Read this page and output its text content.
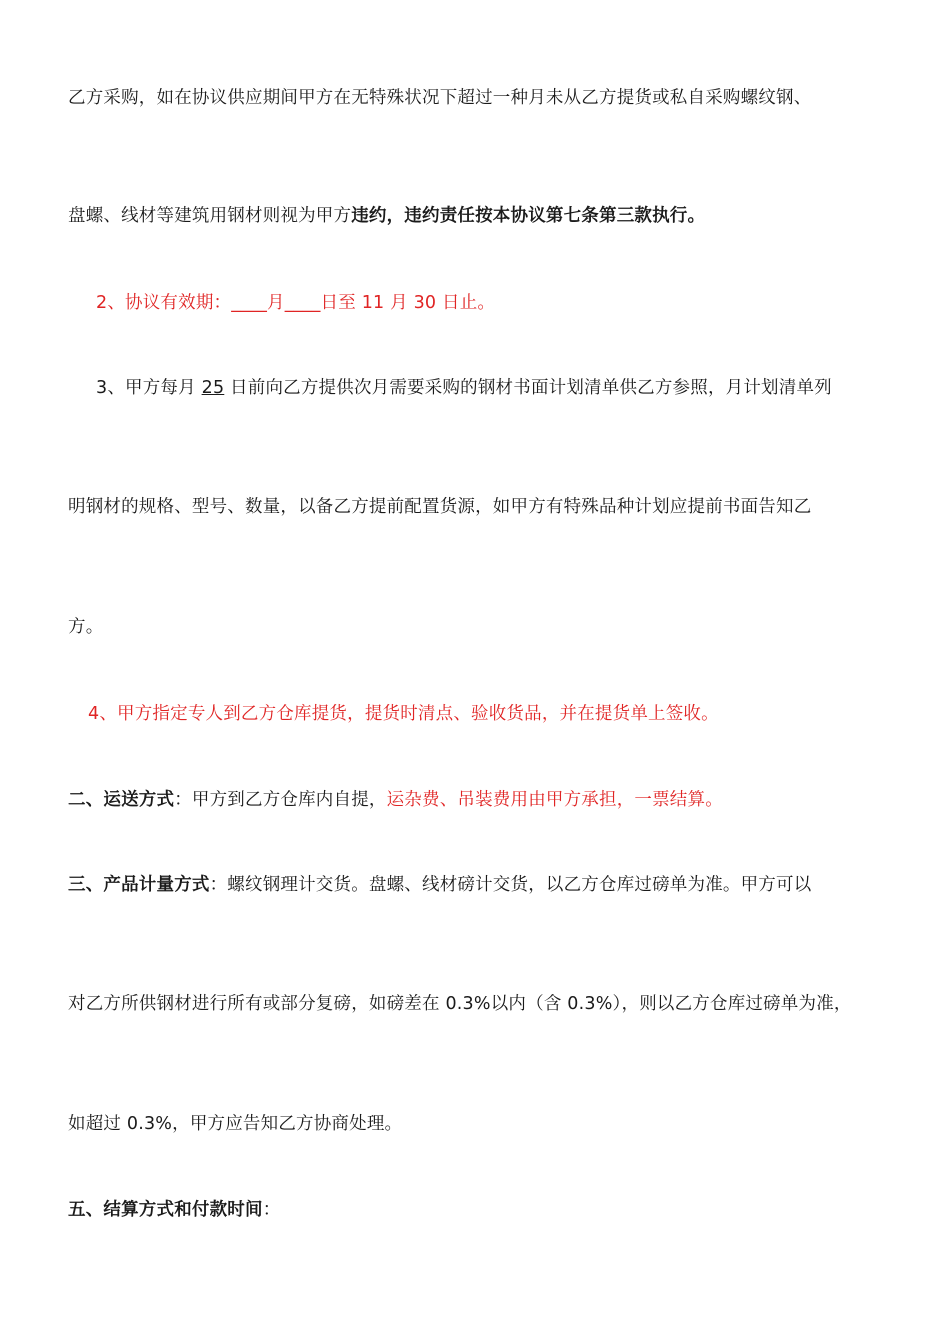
乙方采购，如在协议供应期间甲方在无特殊状况下超过一种月未从乙方提货或私自采购螺纹钢、
盘螺、线材等建筑用钢材则视为甲方违约，违约责任按本协议第七条第三款执行。
2、协议有效期：____月____日至 11 月 30 日止。
3、甲方每月 25 日前向乙方提供次月需要采购的钢材书面计划清单供乙方参照，月计划清单列
明钢材的规格、型号、数量，以备乙方提前配置货源，如甲方有特殊品种计划应提前书面告知乙
方。
4、甲方指定专人到乙方仓库提货，提货时清点、验收货品，并在提货单上签收。
二、运送方式：甲方到乙方仓库内自提，运杂费、吊装费用由甲方承担，一票结算。
三、产品计量方式：螺纹钢理计交货。盘螺、线材磅计交货，以乙方仓库过磅单为准。甲方可以
对乙方所供钢材进行所有或部分复磅，如磅差在 0.3%以内（含 0.3%），则以乙方仓库过磅单为准，
如超过 0.3%，甲方应告知乙方协商处理。
五、结算方式和付款时间：
